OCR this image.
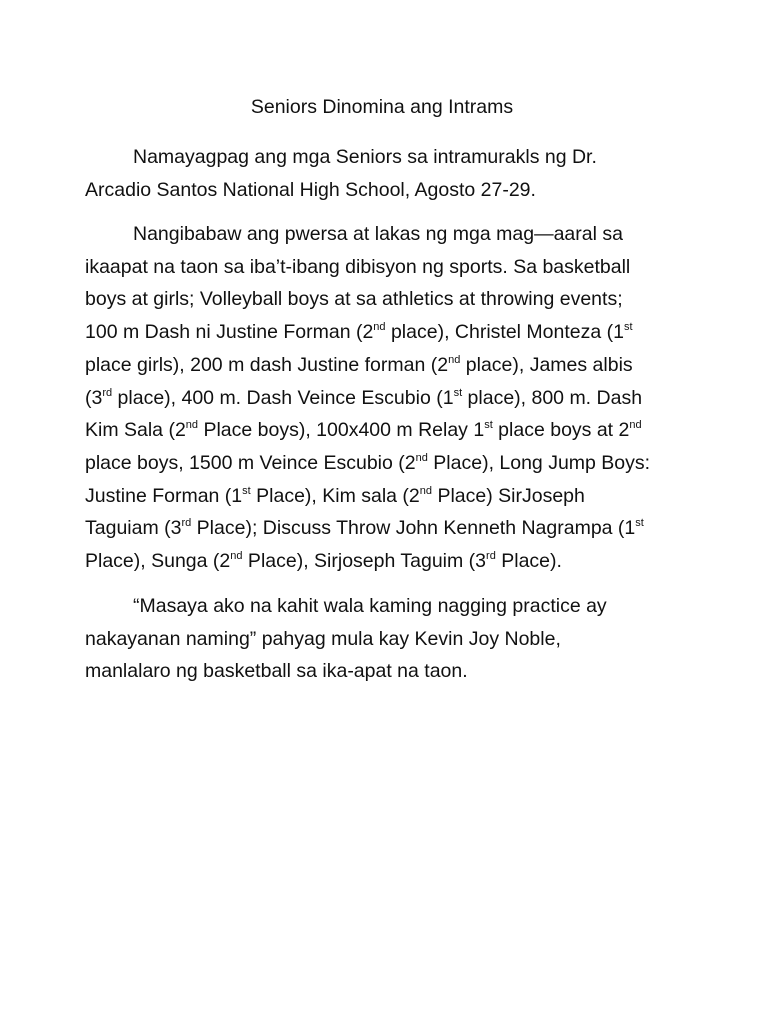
Seniors Dinomina ang Intrams
Namayagpag ang mga Seniors sa intramurakls ng Dr.
Arcadio Santos National High School, Agosto 27-29.
Nangibabaw ang pwersa at lakas ng mga mag—aaral sa
ikaapat na taon sa iba’t-ibang dibisyon ng sports. Sa basketball
boys at girls; Volleyball boys at sa athletics at throwing events;
100 m Dash ni Justine Forman (2nd place), Christel Monteza (1st
place girls), 200 m dash Justine forman (2nd place), James albis
(3rd place), 400 m. Dash Veince Escubio (1st place), 800 m. Dash
Kim Sala (2nd Place boys), 100x400 m Relay 1st place boys at 2nd
place boys, 1500 m Veince Escubio (2nd Place), Long Jump Boys:
Justine Forman (1st Place), Kim sala (2nd Place) SirJoseph
Taguiam (3rd Place); Discuss Throw John Kenneth Nagrampa (1st
Place), Sunga (2nd Place), Sirjoseph Taguim (3rd Place).
“Masaya ako na kahit wala kaming nagging practice ay
nakayanan naming” pahyag mula kay Kevin Joy Noble,
manlalaro ng basketball sa ika-apat na taon.
